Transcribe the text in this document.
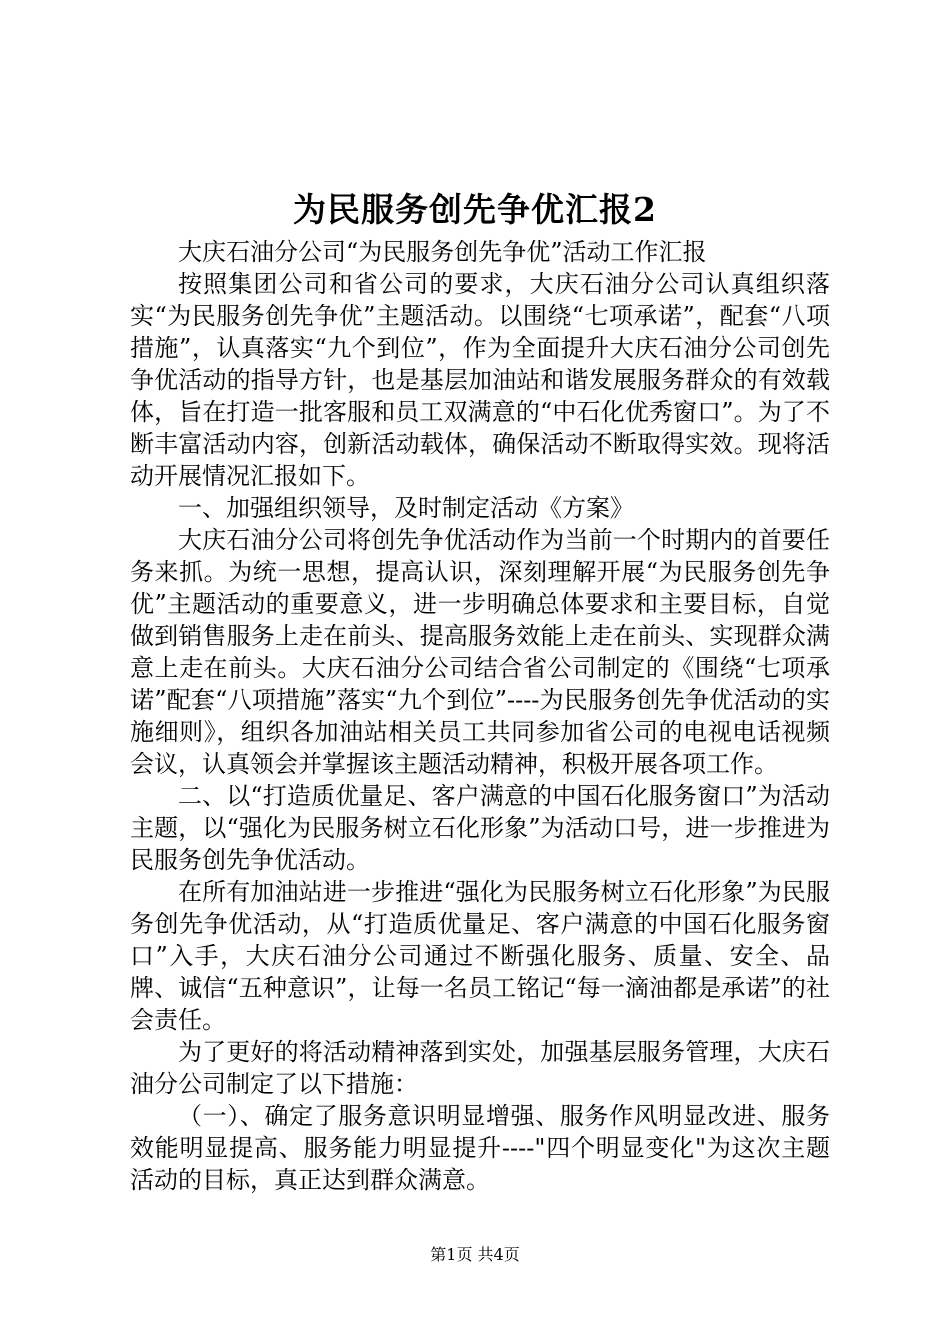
为民服务创先争优汇报2

大庆石油分公司“为民服务创先争优”活动工作汇报

按照集团公司和省公司的要求，大庆石油分公司认真组织落实“为民服务创先争优”主题活动。以围绕“七项承诺”，配套“八项措施”，认真落实“九个到位”，作为全面提升大庆石油分公司创先争优活动的指导方针，也是基层加油站和谐发展服务群众的有效载体，旨在打造一批客服和员工双满意的“中石化优秀窗口”。为了不断丰富活动内容，创新活动载体，确保活动不断取得实效。现将活动开展情况汇报如下。

一、加强组织领导，及时制定活动《方案》

大庆石油分公司将创先争优活动作为当前一个时期内的首要任务来抓。为统一思想，提高认识，深刻理解开展“为民服务创先争优”主题活动的重要意义，进一步明确总体要求和主要目标，自觉做到销售服务上走在前头、提高服务效能上走在前头、实现群众满意上走在前头。大庆石油分公司结合省公司制定的《围绕“七项承诺”配套“八项措施”落实“九个到位”----为民服务创先争优活动的实施细则》，组织各加油站相关员工共同参加省公司的电视电话视频会议，认真领会并掌握该主题活动精神，积极开展各项工作。

二、以“打造质优量足、客户满意的中国石化服务窗口”为活动主题，以“强化为民服务树立石化形象”为活动口号，进一步推进为民服务创先争优活动。

在所有加油站进一步推进“强化为民服务树立石化形象”为民服务创先争优活动，从“打造质优量足、客户满意的中国石化服务窗口”入手，大庆石油分公司通过不断强化服务、质量、安全、品牌、诚信“五种意识”，让每一名员工铭记“每一滴油都是承诺”的社会责任。

为了更好的将活动精神落到实处，加强基层服务管理，大庆石油分公司制定了以下措施：

（一）、确定了服务意识明显增强、服务作风明显改进、服务效能明显提高、服务能力明显提升----"四个明显变化"为这次主题活动的目标，真正达到群众满意。

第1页 共4页
